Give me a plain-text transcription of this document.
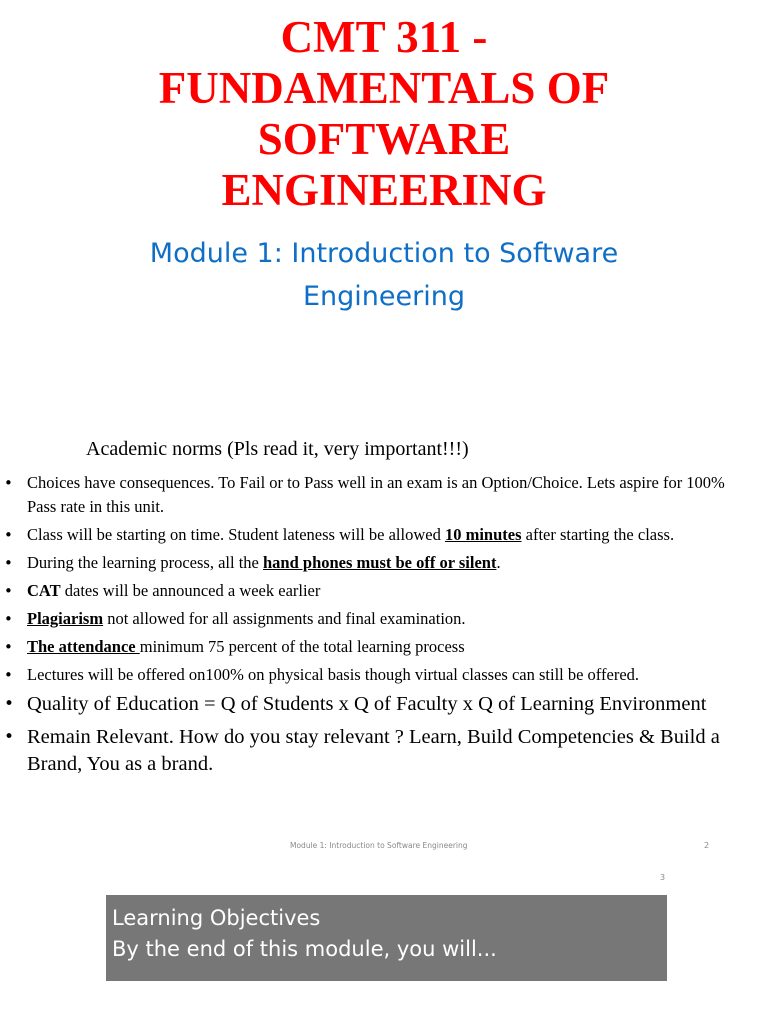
CMT 311 -
FUNDAMENTALS OF
SOFTWARE
ENGINEERING
Module 1: Introduction to Software
Engineering
Academic norms (Pls read it, very important!!!)
• Choices have consequences. To Fail or to Pass well in an exam is an Option/Choice. Lets aspire for 100% Pass rate in this unit.
• Class will be starting on time. Student lateness will be allowed 10 minutes after starting the class.
• During the learning process, all the hand phones must be off or silent.
• CAT dates will be announced a week earlier
• Plagiarism not allowed for all assignments and final examination.
• The attendance minimum 75 percent of the total learning process
• Lectures will be offered on100% on physical basis though virtual classes can still be offered.
• Quality of Education = Q of Students x Q of Faculty x Q of Learning Environment
• Remain Relevant. How do you stay relevant ? Learn, Build Competencies & Build a Brand, You as a brand.
Module 1: Introduction to Software Engineering	2
3
Learning Objectives
By the end of this module, you will...
